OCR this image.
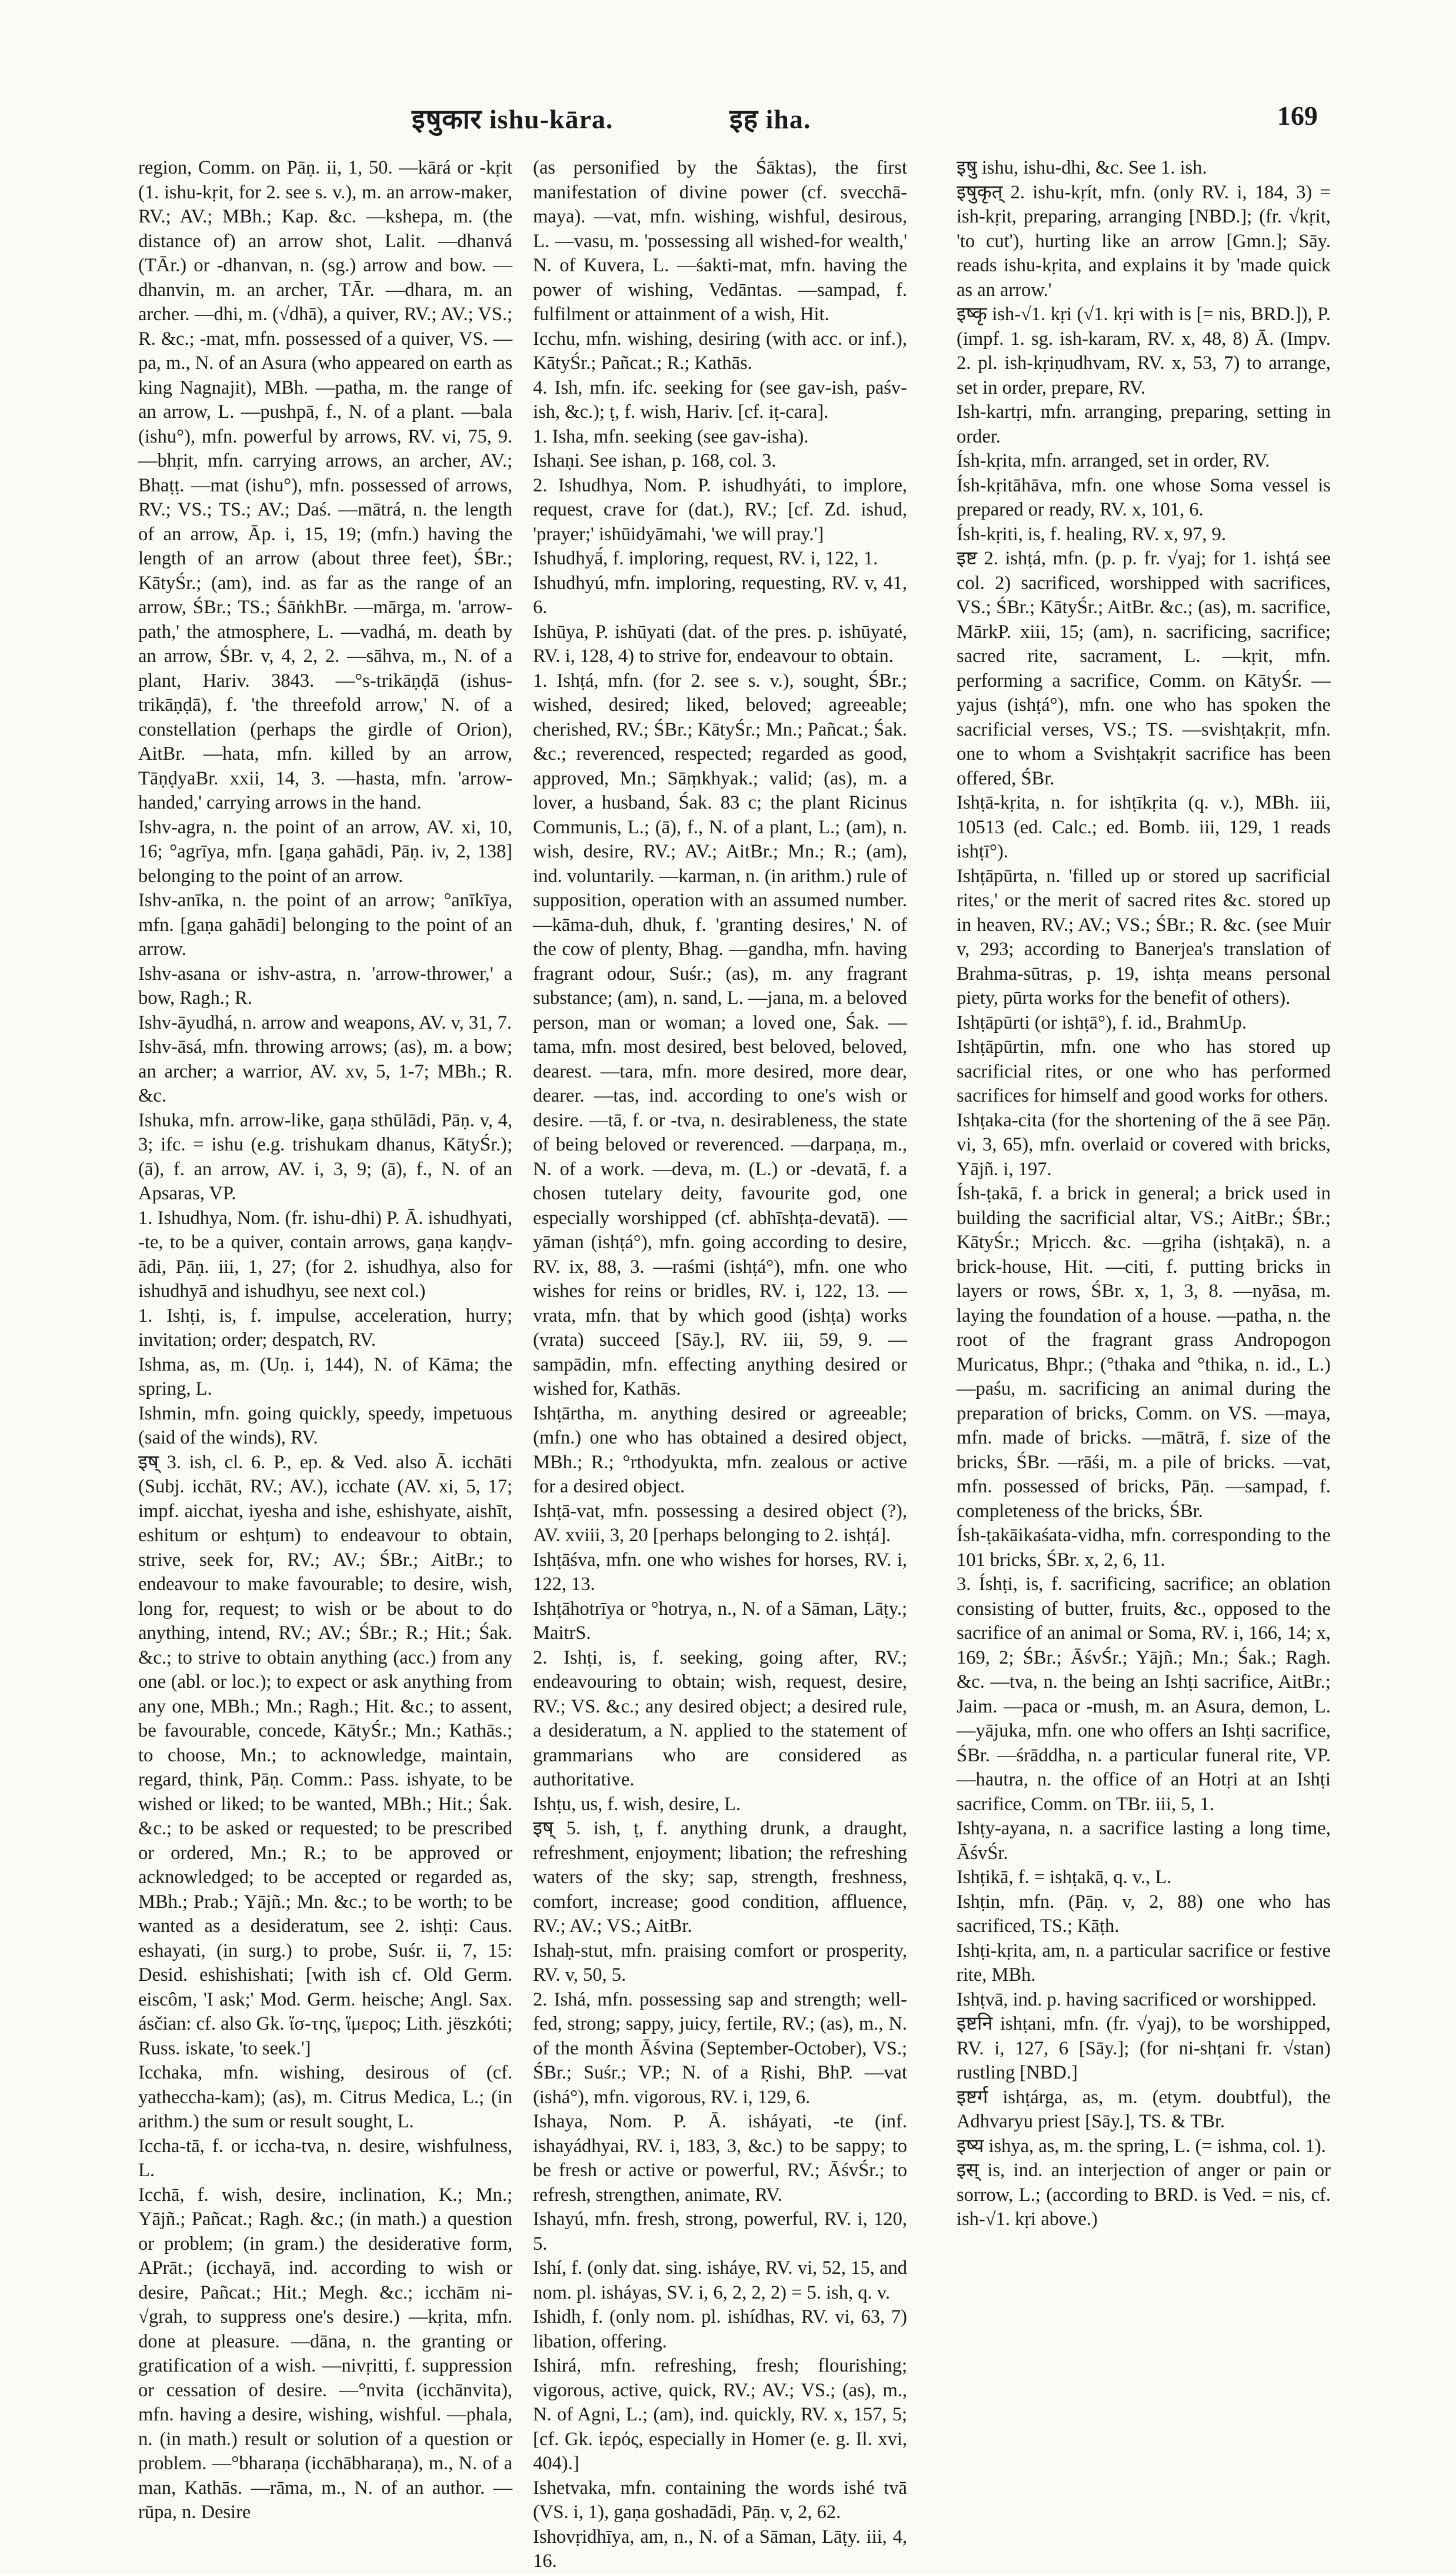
इषुकार ishu-kāra.	इह iha.	169

region, Comm. on Pāṇ. ii, 1, 50. —kārá or -kṛit (1. ishu-kṛit, for 2. see s. v.), m. an arrow-maker, RV.; AV.; MBh.; Kap. &c. —kshepa, m. (the distance of) an arrow shot, Lalit. —dhanvá (TĀr.) or -dhanvan, n. (sg.) arrow and bow. —dhanvin, m. an archer, TĀr. —dhara, m. an archer. —dhi, m. (√dhā), a quiver, RV.; AV.; VS.; R. &c.; -mat, mfn. possessed of a quiver, VS. —pa, m., N. of an Asura (who appeared on earth as king Nagnajit), MBh. —patha, m. the range of an arrow, L. —pushpā, f., N. of a plant. —bala (ishu°), mfn. powerful by arrows, RV. vi, 75, 9. —bhṛit, mfn. carrying arrows, an archer, AV.; Bhaṭṭ. —mat (ishu°), mfn. possessed of arrows, RV.; VS.; TS.; AV.; Daś. —mātrá, n. the length of an arrow, Āp. i, 15, 19; (mfn.) having the length of an arrow (about three feet), ŚBr.; KātyŚr.; (am), ind. as far as the range of an arrow, ŚBr.; TS.; ŚāṅkhBr. —mārga, m. 'arrow-path,' the atmosphere, L. —vadhá, m. death by an arrow, ŚBr. v, 4, 2, 2. —sāhva, m., N. of a plant, Hariv. 3843. —°s-trikāṇḍā (ishus-trikāṇḍā), f. 'the threefold arrow,' N. of a constellation (perhaps the girdle of Orion), AitBr. —hata, mfn. killed by an arrow, TāṇḍyaBr. xxii, 14, 3. —hasta, mfn. 'arrow-handed,' carrying arrows in the hand.

Ishv-agra, n. the point of an arrow, AV. xi, 10, 16; °agrīya, mfn. [gaṇa gahādi, Pāṇ. iv, 2, 138] belonging to the point of an arrow.

Ishv-anīka, n. the point of an arrow; °anīkīya, mfn. [gaṇa gahādi] belonging to the point of an arrow.

Ishv-asana or ishv-astra, n. 'arrow-thrower,' a bow, Ragh.; R.

Ishv-āyudhá, n. arrow and weapons, AV. v, 31, 7.

Ishv-āsá, mfn. throwing arrows; (as), m. a bow; an archer; a warrior, AV. xv, 5, 1-7; MBh.; R. &c.

Ishuka, mfn. arrow-like, gaṇa sthūlādi, Pāṇ. v, 4, 3; ifc. = ishu (e.g. trishukam dhanus, KātyŚr.); (ā), f. an arrow, AV. i, 3, 9; (ā), f., N. of an Apsaras, VP.

1. Ishudhya, Nom. (fr. ishu-dhi) P. Ā. ishudhyati, -te, to be a quiver, contain arrows, gaṇa kaṇḍv-ādi, Pāṇ. iii, 1, 27; (for 2. ishudhya, also for ishudhyā and ishudhyu, see next col.)

1. Ishṭi, is, f. impulse, acceleration, hurry; invitation; order; despatch, RV.

Ishma, as, m. (Uṇ. i, 144), N. of Kāma; the spring, L.

Ishmin, mfn. going quickly, speedy, impetuous (said of the winds), RV.

इष् 3. ish, cl. 6. P., ep. & Ved. also Ā. icchāti (Subj. icchāt, RV.; AV.), icchate (AV. xi, 5, 17; impf. aicchat, iyesha and ishe, eshishyate, aishīt, eshitum or eshṭum) to endeavour to obtain, strive, seek for, RV.; AV.; ŚBr.; AitBr.; to endeavour to make favourable; to desire, wish, long for, request; to wish or be about to do anything, intend, RV.; AV.; ŚBr.; R.; Hit.; Śak. &c.; to strive to obtain anything (acc.) from any one (abl. or loc.); to expect or ask anything from any one, MBh.; Mn.; Ragh.; Hit. &c.; to assent, be favourable, concede, KātyŚr.; Mn.; Kathās.; to choose, Mn.; to acknowledge, maintain, regard, think, Pāṇ. Comm.: Pass. ishyate, to be wished or liked; to be wanted, MBh.; Hit.; Śak. &c.; to be asked or requested; to be prescribed or ordered, Mn.; R.; to be approved or acknowledged; to be accepted or regarded as, MBh.; Prab.; Yājñ.; Mn. &c.; to be worth; to be wanted as a desideratum, see 2. ishṭi: Caus. eshayati, (in surg.) to probe, Suśr. ii, 7, 15: Desid. eshishishati; [with ish cf. Old Germ. eiscôm, 'I ask;' Mod. Germ. heische; Angl. Sax. ásčian: cf. also Gk. ἴσ-της, ἵμερος; Lith. jëszkóti; Russ. iskate, 'to seek.']

Icchaka, mfn. wishing, desirous of (cf. yatheccha-kam); (as), m. Citrus Medica, L.; (in arithm.) the sum or result sought, L.

Iccha-tā, f. or iccha-tva, n. desire, wishfulness, L.

Icchā, f. wish, desire, inclination, K.; Mn.; Yājñ.; Pañcat.; Ragh. &c.; (in math.) a question or problem; (in gram.) the desiderative form, APrāt.; (icchayā, ind. according to wish or desire, Pañcat.; Hit.; Megh. &c.; icchām ni-√grah, to suppress one's desire.) —kṛita, mfn. done at pleasure. —dāna, n. the granting or gratification of a wish. —nivṛitti, f. suppression or cessation of desire. —°nvita (icchānvita), mfn. having a desire, wishing, wishful. —phala, n. (in math.) result or solution of a question or problem. —°bharaṇa (icchābharaṇa), m., N. of a man, Kathās. —rāma, m., N. of an author. —rūpa, n. Desire

(as personified by the Śāktas), the first manifestation of divine power (cf. svecchā-maya). —vat, mfn. wishing, wishful, desirous, L. —vasu, m. 'possessing all wished-for wealth,' N. of Kuvera, L. —śakti-mat, mfn. having the power of wishing, Vedāntas. —sampad, f. fulfilment or attainment of a wish, Hit.

Icchu, mfn. wishing, desiring (with acc. or inf.), KātyŚr.; Pañcat.; R.; Kathās.

4. Ish, mfn. ifc. seeking for (see gav-ish, paśv-ish, &c.); ṭ, f. wish, Hariv. [cf. iṭ-cara].

1. Isha, mfn. seeking (see gav-isha).

Ishaṇi. See ishan, p. 168, col. 3.

2. Ishudhya, Nom. P. ishudhyáti, to implore, request, crave for (dat.), RV.; [cf. Zd. ishud, 'prayer;' ishūidyāmahi, 'we will pray.']

Ishudhyā́, f. imploring, request, RV. i, 122, 1.

Ishudhyú, mfn. imploring, requesting, RV. v, 41, 6.

Ishūya, P. ishūyati (dat. of the pres. p. ishūyaté, RV. i, 128, 4) to strive for, endeavour to obtain.

1. Ishṭá, mfn. (for 2. see s. v.), sought, ŚBr.; wished, desired; liked, beloved; agreeable; cherished, RV.; ŚBr.; KātyŚr.; Mn.; Pañcat.; Śak. &c.; reverenced, respected; regarded as good, approved, Mn.; Sāṃkhyak.; valid; (as), m. a lover, a husband, Śak. 83 c; the plant Ricinus Communis, L.; (ā), f., N. of a plant, L.; (am), n. wish, desire, RV.; AV.; AitBr.; Mn.; R.; (am), ind. voluntarily. —karman, n. (in arithm.) rule of supposition, operation with an assumed number. —kāma-duh, dhuk, f. 'granting desires,' N. of the cow of plenty, Bhag. —gandha, mfn. having fragrant odour, Suśr.; (as), m. any fragrant substance; (am), n. sand, L. —jana, m. a beloved person, man or woman; a loved one, Śak. —tama, mfn. most desired, best beloved, beloved, dearest. —tara, mfn. more desired, more dear, dearer. —tas, ind. according to one's wish or desire. —tā, f. or -tva, n. desirableness, the state of being beloved or reverenced. —darpaṇa, m., N. of a work. —deva, m. (L.) or -devatā, f. a chosen tutelary deity, favourite god, one especially worshipped (cf. abhīshṭa-devatā). —yāman (ishṭá°), mfn. going according to desire, RV. ix, 88, 3. —raśmi (ishṭá°), mfn. one who wishes for reins or bridles, RV. i, 122, 13. —vrata, mfn. that by which good (ishṭa) works (vrata) succeed [Sāy.], RV. iii, 59, 9. —sampādin, mfn. effecting anything desired or wished for, Kathās.

Ishṭārtha, m. anything desired or agreeable; (mfn.) one who has obtained a desired object, MBh.; R.; °rthodyukta, mfn. zealous or active for a desired object.

Ishṭā-vat, mfn. possessing a desired object (?), AV. xviii, 3, 20 [perhaps belonging to 2. ishṭá].

Ishṭāśva, mfn. one who wishes for horses, RV. i, 122, 13.

Ishṭāhotrīya or °hotrya, n., N. of a Sāman, Lāṭy.; MaitrS.

2. Ishṭi, is, f. seeking, going after, RV.; endeavouring to obtain; wish, request, desire, RV.; VS. &c.; any desired object; a desired rule, a desideratum, a N. applied to the statement of grammarians who are considered as authoritative.

Ishṭu, us, f. wish, desire, L.

इष् 5. ish, ṭ, f. anything drunk, a draught, refreshment, enjoyment; libation; the refreshing waters of the sky; sap, strength, freshness, comfort, increase; good condition, affluence, RV.; AV.; VS.; AitBr.

Ishaḥ-stut, mfn. praising comfort or prosperity, RV. v, 50, 5.

2. Ishá, mfn. possessing sap and strength; well-fed, strong; sappy, juicy, fertile, RV.; (as), m., N. of the month Āśvina (September-October), VS.; ŚBr.; Suśr.; VP.; N. of a Ṛishi, BhP. —vat (ishá°), mfn. vigorous, RV. i, 129, 6.

Ishaya, Nom. P. Ā. isháyati, -te (inf. ishayádhyai, RV. i, 183, 3, &c.) to be sappy; to be fresh or active or powerful, RV.; ĀśvŚr.; to refresh, strengthen, animate, RV.

Ishayú, mfn. fresh, strong, powerful, RV. i, 120, 5.

Ishí, f. (only dat. sing. isháye, RV. vi, 52, 15, and nom. pl. isháyas, SV. i, 6, 2, 2, 2) = 5. ish, q. v.

Ishidh, f. (only nom. pl. ishídhas, RV. vi, 63, 7) libation, offering.

Ishirá, mfn. refreshing, fresh; flourishing; vigorous, active, quick, RV.; AV.; VS.; (as), m., N. of Agni, L.; (am), ind. quickly, RV. x, 157, 5; [cf. Gk. ἱερός, especially in Homer (e. g. Il. xvi, 404).]

Ishetvaka, mfn. containing the words ishé tvā (VS. i, 1), gaṇa goshadādi, Pāṇ. v, 2, 62.

Ishovṛidhīya, am, n., N. of a Sāman, Lāṭy. iii, 4, 16.

इषु ishu, ishu-dhi, &c. See 1. ish.

इषुकृत् 2. ishu-kṛít, mfn. (only RV. i, 184, 3) = ish-kṛit, preparing, arranging [NBD.]; (fr. √kṛit, 'to cut'), hurting like an arrow [Gmn.]; Sāy. reads ishu-kṛita, and explains it by 'made quick as an arrow.'

इष्कृ ish-√1. kṛi (√1. kṛi with is [= nis, BRD.]), P. (impf. 1. sg. ish-karam, RV. x, 48, 8) Ā. (Impv. 2. pl. ish-kṛiṇudhvam, RV. x, 53, 7) to arrange, set in order, prepare, RV.

Ish-kartṛi, mfn. arranging, preparing, setting in order.

Ísh-kṛita, mfn. arranged, set in order, RV.

Ísh-kṛitāhāva, mfn. one whose Soma vessel is prepared or ready, RV. x, 101, 6.

Ísh-kṛiti, is, f. healing, RV. x, 97, 9.

इष्ट 2. ishṭá, mfn. (p. p. fr. √yaj; for 1. ishṭá see col. 2) sacrificed, worshipped with sacrifices, VS.; ŚBr.; KātyŚr.; AitBr. &c.; (as), m. sacrifice, MārkP. xiii, 15; (am), n. sacrificing, sacrifice; sacred rite, sacrament, L. —kṛit, mfn. performing a sacrifice, Comm. on KātyŚr. —yajus (ishṭá°), mfn. one who has spoken the sacrificial verses, VS.; TS. —svishṭakṛit, mfn. one to whom a Svishṭakṛit sacrifice has been offered, ŚBr.

Ishṭā-kṛita, n. for ishṭīkṛita (q. v.), MBh. iii, 10513 (ed. Calc.; ed. Bomb. iii, 129, 1 reads ishṭī°).

Ishṭāpūrta, n. 'filled up or stored up sacrificial rites,' or the merit of sacred rites &c. stored up in heaven, RV.; AV.; VS.; ŚBr.; R. &c. (see Muir v, 293; according to Banerjea's translation of Brahma-sūtras, p. 19, ishṭa means personal piety, pūrta works for the benefit of others).

Ishṭāpūrti (or ishṭā°), f. id., BrahmUp.

Ishṭāpūrtin, mfn. one who has stored up sacrificial rites, or one who has performed sacrifices for himself and good works for others.

Ishṭaka-cita (for the shortening of the ā see Pāṇ. vi, 3, 65), mfn. overlaid or covered with bricks, Yājñ. i, 197.

Ísh-ṭakā, f. a brick in general; a brick used in building the sacrificial altar, VS.; AitBr.; ŚBr.; KātyŚr.; Mṛicch. &c. —gṛiha (ishṭakā), n. a brick-house, Hit. —citi, f. putting bricks in layers or rows, ŚBr. x, 1, 3, 8. —nyāsa, m. laying the foundation of a house. —patha, n. the root of the fragrant grass Andropogon Muricatus, Bhpr.; (°thaka and °thika, n. id., L.) —paśu, m. sacrificing an animal during the preparation of bricks, Comm. on VS. —maya, mfn. made of bricks. —mātrā, f. size of the bricks, ŚBr. —rāśi, m. a pile of bricks. —vat, mfn. possessed of bricks, Pāṇ. —sampad, f. completeness of the bricks, ŚBr.

Ísh-ṭakāikaśata-vidha, mfn. corresponding to the 101 bricks, ŚBr. x, 2, 6, 11.

3. Íshṭi, is, f. sacrificing, sacrifice; an oblation consisting of butter, fruits, &c., opposed to the sacrifice of an animal or Soma, RV. i, 166, 14; x, 169, 2; ŚBr.; ĀśvŚr.; Yājñ.; Mn.; Śak.; Ragh. &c. —tva, n. the being an Ishṭi sacrifice, AitBr.; Jaim. —paca or -mush, m. an Asura, demon, L. —yājuka, mfn. one who offers an Ishṭi sacrifice, ŚBr. —śrāddha, n. a particular funeral rite, VP. —hautra, n. the office of an Hotṛi at an Ishṭi sacrifice, Comm. on TBr. iii, 5, 1.

Ishṭy-ayana, n. a sacrifice lasting a long time, ĀśvŚr.

Ishṭikā, f. = ishṭakā, q. v., L.

Ishṭin, mfn. (Pāṇ. v, 2, 88) one who has sacrificed, TS.; Kāṭh.

Ishṭi-kṛita, am, n. a particular sacrifice or festive rite, MBh.

Ishṭvā, ind. p. having sacrificed or worshipped.

इष्टनि ishṭani, mfn. (fr. √yaj), to be worshipped, RV. i, 127, 6 [Sāy.]; (for ni-shṭani fr. √stan) rustling [NBD.]

इष्टर्ग ishṭárga, as, m. (etym. doubtful), the Adhvaryu priest [Sāy.], TS. & TBr.

इष्य ishya, as, m. the spring, L. (= ishma, col. 1).

इस् is, ind. an interjection of anger or pain or sorrow, L.; (according to BRD. is Ved. = nis, cf. ish-√1. kṛi above.)
